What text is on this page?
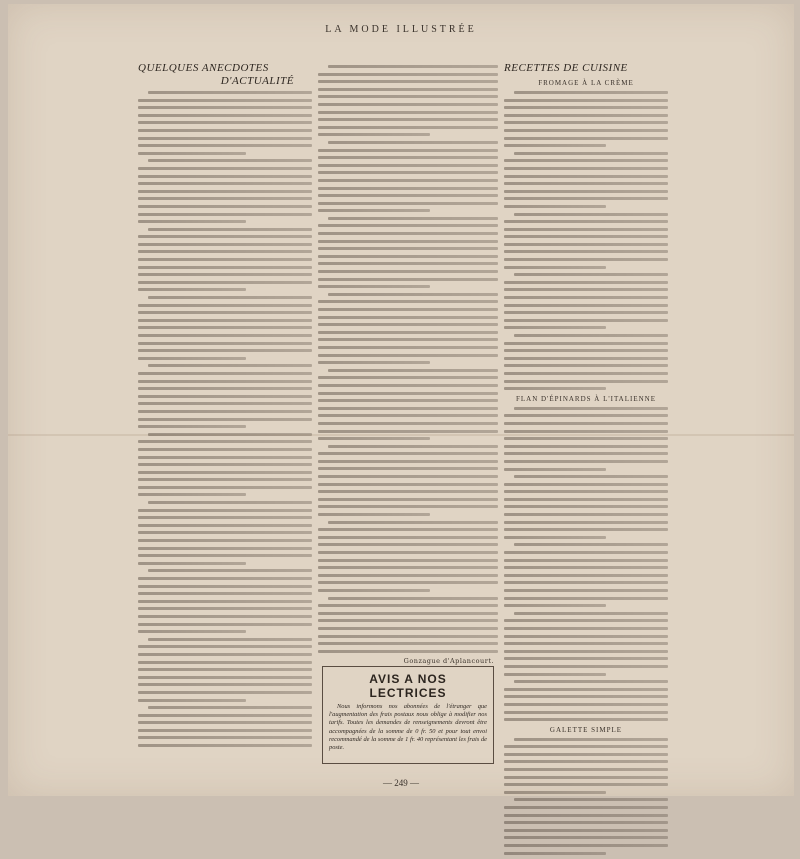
LA MODE ILLUSTRÉE

QUELQUES ANECDOTES

D'ACTUALITÉ

Gonzague d'Aplancourt.

RECETTES DE CUISINE

FROMAGE À LA CRÈME
FLAN D'ÉPINARDS À L'ITALIENNE
GALETTE SIMPLE
AVIS A NOS LECTRICES
Nous informons nos abonnées de l'étranger que l'augmentation des frais postaux nous oblige à modifier nos tarifs. Toutes les demandes de renseignements devront être accompagnées de la somme de 0 fr. 50 et pour tout envoi recommandé de la somme de 1 fr. 40 représentant les frais de poste.
— 249 —
